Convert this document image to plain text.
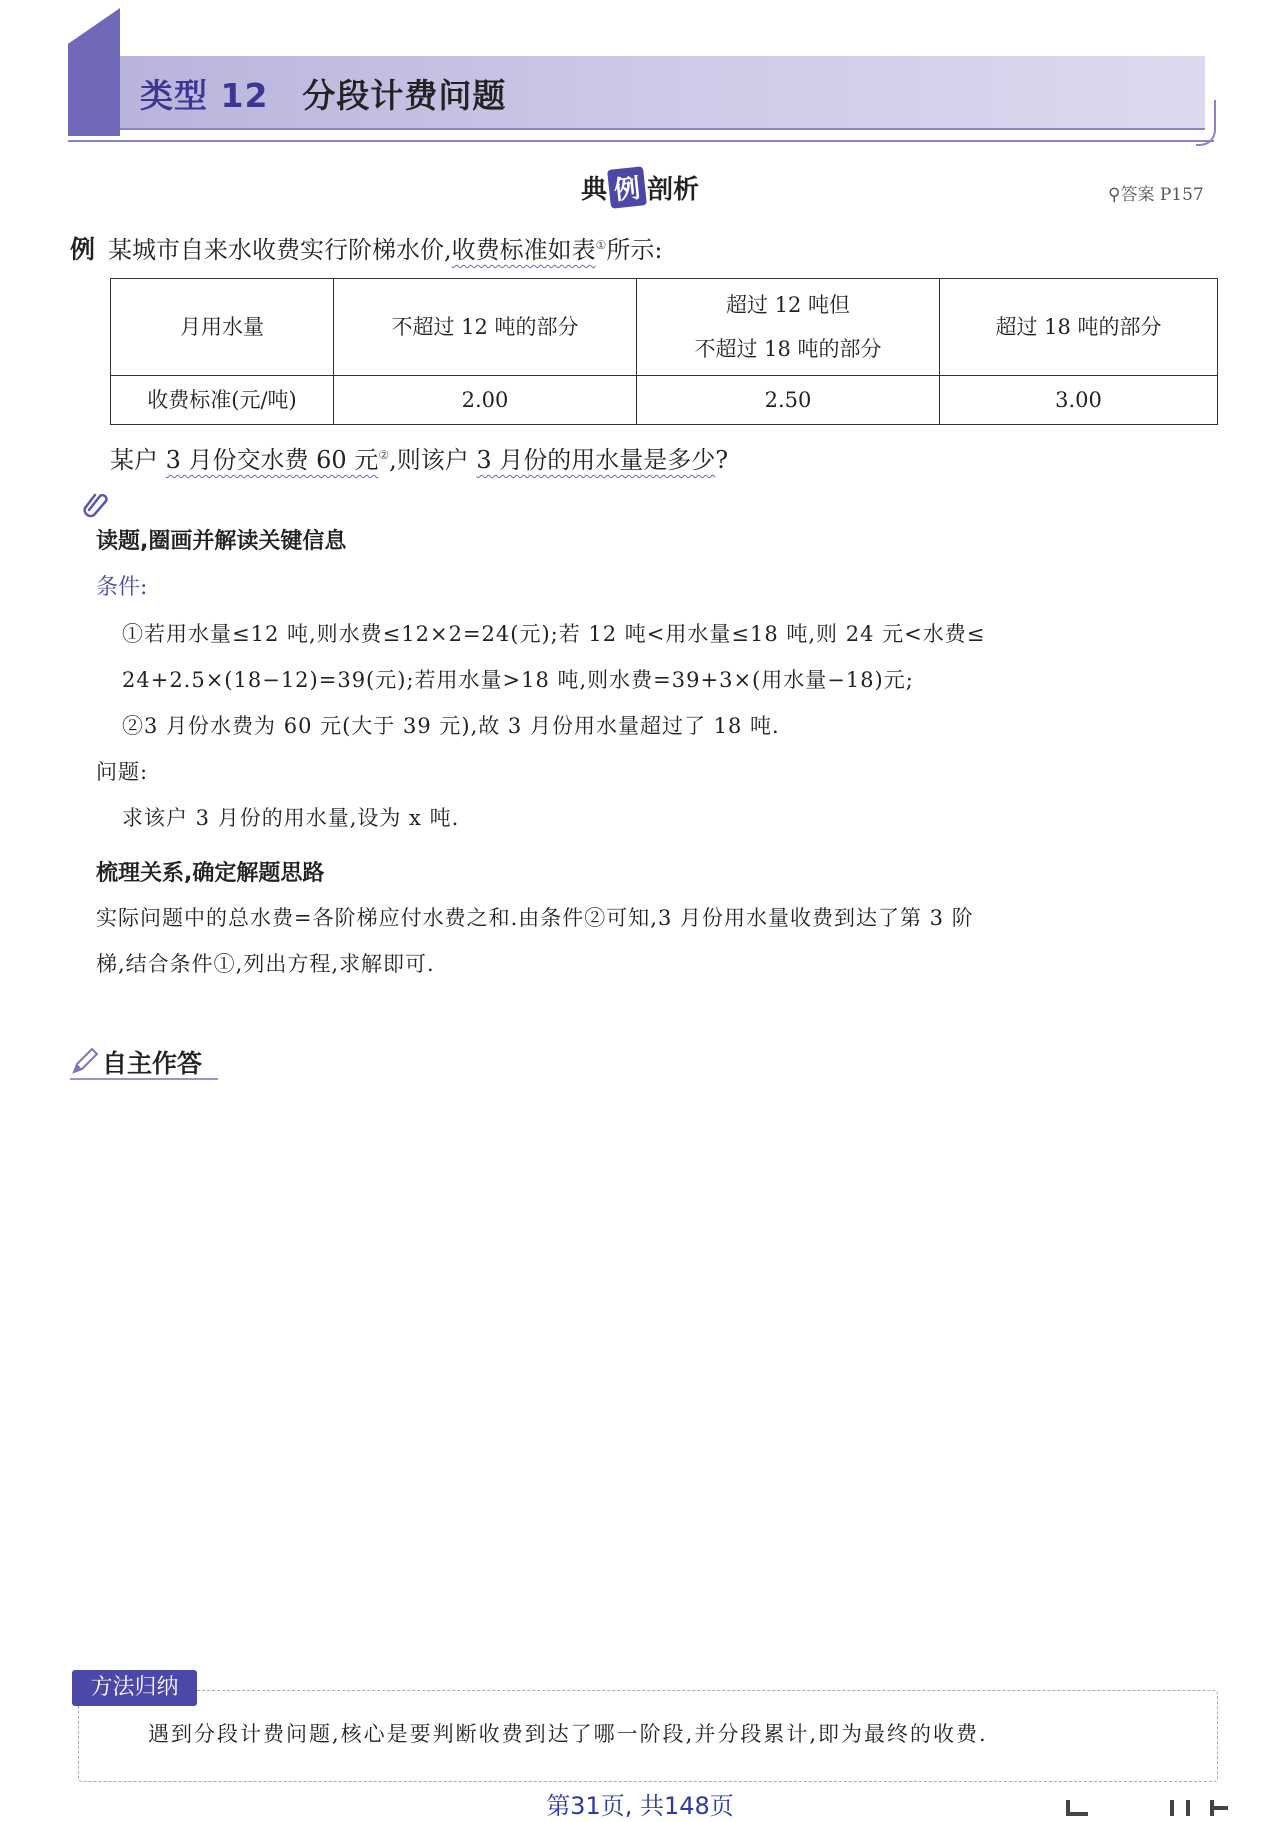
类型 12 分段计费问题
典 例 剖析	⚲答案 P157
例 某城市自来水收费实行阶梯水价,收费标准如表①所示:
月用水量	不超过 12 吨的部分	超过 12 吨但
不超过 18 吨的部分	超过 18 吨的部分
收费标准(元/吨)	2.00	2.50	3.00
某户 3 月份交水费 60 元②,则该户 3 月份的用水量是多少?
读题,圈画并解读关键信息
条件:
①若用水量≤12 吨,则水费≤12×2=24(元);若 12 吨<用水量≤18 吨,则 24 元<水费≤
24+2.5×(18−12)=39(元);若用水量>18 吨,则水费=39+3×(用水量−18)元;
②3 月份水费为 60 元(大于 39 元),故 3 月份用水量超过了 18 吨.
问题:
求该户 3 月份的用水量,设为 x 吨.
梳理关系,确定解题思路
实际问题中的总水费=各阶梯应付水费之和.由条件②可知,3 月份用水量收费到达了第 3 阶
梯,结合条件①,列出方程,求解即可.
自主作答
方法归纳
遇到分段计费问题,核心是要判断收费到达了哪一阶段,并分段累计,即为最终的收费.
第31页, 共148页
